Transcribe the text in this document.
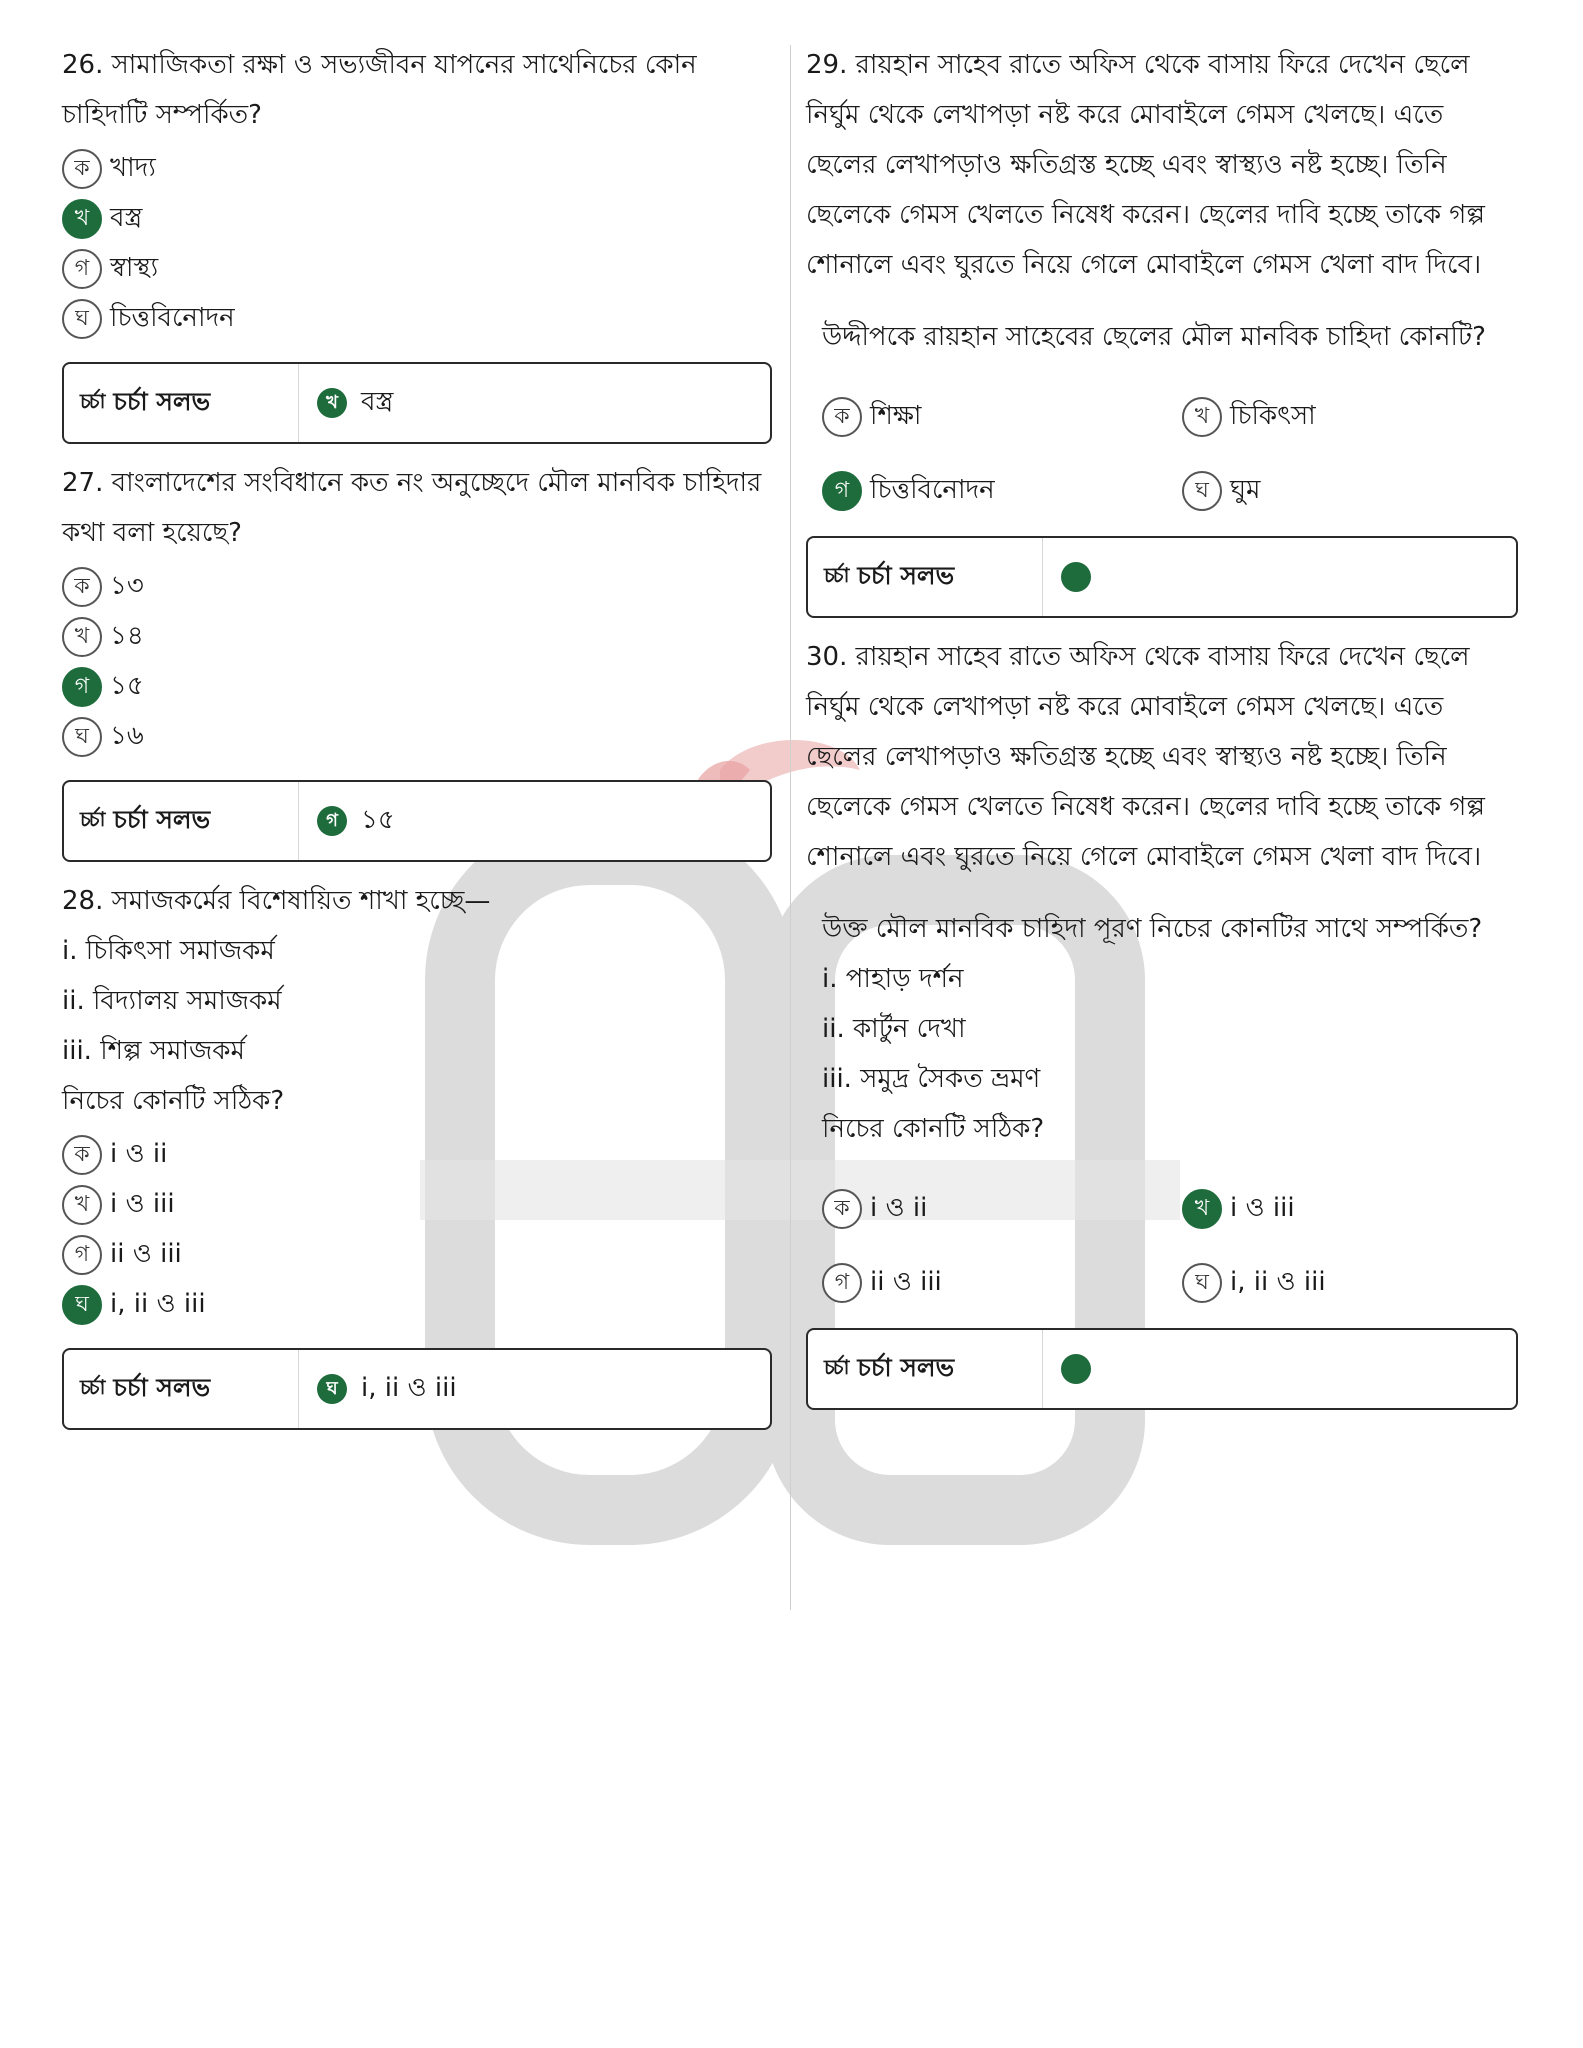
26. সামাজিকতা রক্ষা ও সভ্যজীবন যাপনের সাথেনিচের কোন চাহিদাটি সম্পর্কিত?

ক খাদ্য
খ বস্ত্র
গ স্বাস্থ্য
ঘ চিত্তবিনোদন
চর্চা চর্চা সলভ	খ বস্ত্র

27. বাংলাদেশের সংবিধানে কত নং অনুচ্ছেদে মৌল মানবিক চাহিদার কথা বলা হয়েছে?

ক ১৩
খ ১৪
গ ১৫
ঘ ১৬
চর্চা চর্চা সলভ	গ ১৫

28. সমাজকর্মের বিশেষায়িত শাখা হচ্ছে—

i. চিকিৎসা সমাজকর্ম

ii. বিদ্যালয় সমাজকর্ম

iii. শিল্প সমাজকর্ম

নিচের কোনটি সঠিক?

ক i ও ii
খ i ও iii
গ ii ও iii
ঘ i, ii ও iii
চর্চা চর্চা সলভ	ঘ i, ii ও iii

29. রায়হান সাহেব রাতে অফিস থেকে বাসায় ফিরে দেখেন ছেলে নির্ঘুম থেকে লেখাপড়া নষ্ট করে মোবাইলে গেমস খেলছে। এতে ছেলের লেখাপড়াও ক্ষতিগ্রস্ত হচ্ছে এবং স্বাস্থ্যও নষ্ট হচ্ছে। তিনি ছেলেকে গেমস খেলতে নিষেধ করেন। ছেলের দাবি হচ্ছে তাকে গল্প শোনালে এবং ঘুরতে নিয়ে গেলে মোবাইলে গেমস খেলা বাদ দিবে।

উদ্দীপকে রায়হান সাহেবের ছেলের মৌল মানবিক চাহিদা কোনটি?

ক শিক্ষা	খ চিকিৎসা
গ চিত্তবিনোদন	ঘ ঘুম
চর্চা চর্চা সলভ

30. রায়হান সাহেব রাতে অফিস থেকে বাসায় ফিরে দেখেন ছেলে নির্ঘুম থেকে লেখাপড়া নষ্ট করে মোবাইলে গেমস খেলছে। এতে ছেলের লেখাপড়াও ক্ষতিগ্রস্ত হচ্ছে এবং স্বাস্থ্যও নষ্ট হচ্ছে। তিনি ছেলেকে গেমস খেলতে নিষেধ করেন। ছেলের দাবি হচ্ছে তাকে গল্প শোনালে এবং ঘুরতে নিয়ে গেলে মোবাইলে গেমস খেলা বাদ দিবে।

উক্ত মৌল মানবিক চাহিদা পূরণ নিচের কোনটির সাথে সম্পর্কিত?

i. পাহাড় দর্শন

ii. কার্টুন দেখা

iii. সমুদ্র সৈকত ভ্রমণ

নিচের কোনটি সঠিক?

ক i ও ii	খ i ও iii
গ ii ও iii	ঘ i, ii ও iii
চর্চা চর্চা সলভ
